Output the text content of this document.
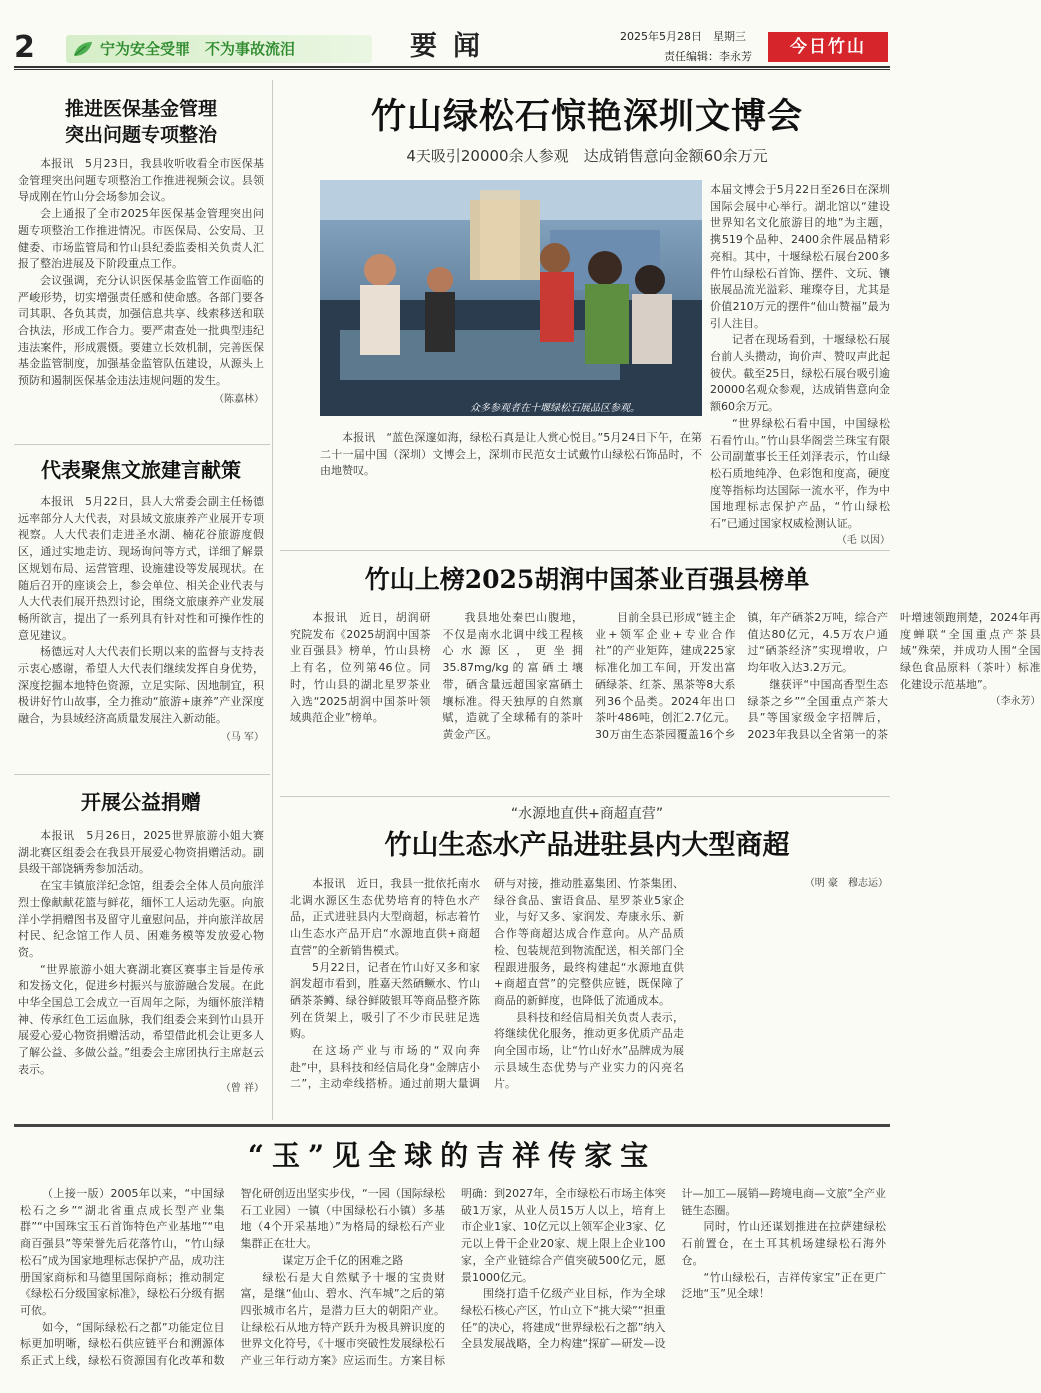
2	宁为安全受罪　不为事故流泪	要闻	2025年5月28日　星期三
责任编辑：李永芳	今日竹山
推进医保基金管理
突出问题专项整治

本报讯　5月23日，我县收听收看全市医保基金管理突出问题专项整治工作推进视频会议。县领导成刚在竹山分会场参加会议。

会上通报了全市2025年医保基金管理突出问题专项整治工作推进情况。市医保局、公安局、卫健委、市场监管局和竹山县纪委监委相关负责人汇报了整治进展及下阶段重点工作。

会议强调，充分认识医保基金监管工作面临的严峻形势，切实增强责任感和使命感。各部门要各司其职、各负其责，加强信息共享、线索移送和联合执法，形成工作合力。要严肃查处一批典型违纪违法案件，形成震慑。要建立长效机制，完善医保基金监管制度，加强基金监管队伍建设，从源头上预防和遏制医保基金违法违规问题的发生。

（陈嘉林）
代表聚焦文旅建言献策

本报讯　5月22日，县人大常委会副主任杨德远率部分人大代表，对县域文旅康养产业展开专项视察。人大代表们走进圣水湖、楠花谷旅游度假区，通过实地走访、现场询问等方式，详细了解景区规划布局、运营管理、设施建设等发展现状。在随后召开的座谈会上，参会单位、相关企业代表与人大代表们展开热烈讨论，围绕文旅康养产业发展畅所欲言，提出了一系列具有针对性和可操作性的意见建议。

杨德远对人大代表们长期以来的监督与支持表示衷心感谢，希望人大代表们继续发挥自身优势，深度挖掘本地特色资源，立足实际、因地制宜，积极讲好竹山故事，全力推动“旅游+康养”产业深度融合，为县域经济高质量发展注入新动能。

（马 军）
开展公益捐赠

本报讯　5月26日，2025世界旅游小姐大赛湖北赛区组委会在我县开展爱心物资捐赠活动。副县级干部饶辆秀参加活动。

在宝丰镇旅洋纪念馆，组委会全体人员向旅洋烈士像献献花篮与鲜花，缅怀工人运动先驱。向旅洋小学捐赠图书及留守儿童慰问品，并向旅洋故居村民、纪念馆工作人员、困难务模等发放爱心物资。

“世界旅游小姐大赛湖北赛区赛事主旨是传承和发扬文化，促进乡村振兴与旅游融合发展。在此中华全国总工会成立一百周年之际，为缅怀旅洋精神、传承红色工运血脉，我们组委会来到竹山县开展爱心爱心物资捐赠活动，希望借此机会让更多人了解公益、多做公益。”组委会主席团执行主席赵云表示。

（曾 祥）
竹山绿松石惊艳深圳文博会
4天吸引20000余人参观　达成销售意向金额60余万元
众多参观者在十堰绿松石展品区参观。

本届文博会于5月22日至26日在深圳国际会展中心举行。湖北馆以“建设世界知名文化旅游目的地”为主题，携519个品种、2400余件展品精彩亮相。其中，十堰绿松石展台200多件竹山绿松石首饰、摆件、文玩、镶嵌展品流光溢彩、璀璨夺目，尤其是价值210万元的摆件“仙山赞福”最为引人注目。

记者在现场看到，十堰绿松石展台前人头攒动，询价声、赞叹声此起彼伏。截至25日，绿松石展台吸引逾20000名观众参观，达成销售意向金额60余万元。

“世界绿松石看中国，中国绿松石看竹山。”竹山县华阁尝兰珠宝有限公司副董事长王任刘泽表示，竹山绿松石质地纯净、色彩饱和度高，硬度度等指标均达国际一流水平，作为中国地理标志保护产品，“竹山绿松石”已通过国家权威检测认证。

（毛 以因）

本报讯　“蓝色深邃如海，绿松石真是让人赏心悦目。”5月24日下午，在第二十一届中国（深圳）文博会上，深圳市民范女士试戴竹山绿松石饰品时，不由地赞叹。

竹山上榜2025胡润中国茶业百强县榜单

本报讯　近日，胡润研究院发布《2025胡润中国茶业百强县》榜单，竹山县榜上有名，位列第46位。同时，竹山县的湖北星罗茶业入选“2025胡润中国茶叶领域典范企业”榜单。

我县地处秦巴山腹地，不仅是南水北调中线工程核心水源区，更坐拥35.87mg/kg的富硒土壤带，硒含量远超国家富硒土壤标准。得天独厚的自然禀赋，造就了全球稀有的茶叶黄金产区。

目前全县已形成“链主企业+领军企业+专业合作社”的产业矩阵，建成225家标准化加工车间，开发出富硒绿茶、红茶、黑茶等8大系列36个品类。2024年出口茶叶486吨，创汇2.7亿元。30万亩生态茶园覆盖16个乡镇，年产硒茶2万吨，综合产值达80亿元，4.5万农户通过“硒茶经济”实现增收，户均年收入达3.2万元。

继获评“中国高香型生态绿茶之乡”“全国重点产茶大县”等国家级金字招牌后，2023年我县以全省第一的茶叶增速领跑荆楚，2024年再度蝉联“全国重点产茶县域”殊荣，并成功人围“全国绿色食品原料（茶叶）标准化建设示范基地”。

（李永芳）
“水源地直供+商超直营”
竹山生态水产品进驻县内大型商超

本报讯　近日，我县一批依托南水北调水源区生态优势培育的特色水产品，正式进驻县内大型商超，标志着竹山生态水产品开启“水源地直供+商超直营”的全新销售模式。

5月22日，记者在竹山好又多和家润发超市看到，胜嘉天然硒鳜水、竹山硒茶茶鳟、绿谷鲜陂银耳等商品整齐陈列在货架上，吸引了不少市民驻足选购。

在这场产业与市场的“双向奔赴”中，县科技和经信局化身“金牌店小二”，主动牵线搭桥。通过前期大量调研与对接，推动胜嘉集团、竹茶集团、绿谷食品、蜜语食品、星罗茶业5家企业，与好又多、家润发、寿康永乐、新合作等商超达成合作意向。从产品质检、包装规范到物流配送，相关部门全程跟进服务，最终构建起“水源地直供+商超直营”的完整供应链，既保障了商品的新鲜度，也降低了流通成本。

县科技和经信局相关负责人表示，将继续优化服务，推动更多优质产品走向全国市场，让“竹山好水”品牌成为展示县域生态优势与产业实力的闪亮名片。

（明 豪　穆志运）
“玉”见全球的吉祥传家宝

（上接一版）2005年以来，“中国绿松石之乡”“湖北省重点成长型产业集群”“中国珠宝玉石首饰特色产业基地”“电商百强县”等荣誉先后花落竹山，“竹山绿松石”成为国家地理标志保护产品，成功注册国家商标和马德里国际商标；推动制定《绿松石分级国家标准》，绿松石分级有据可依。

如今，“国际绿松石之都”功能定位目标更加明晰，绿松石供应链平台和溯源体系正式上线，绿松石资源国有化改革和数智化研创迈出坚实步伐，“一园（国际绿松石工业园）一镇（中国绿松石小镇）多基地（4个开采基地）”为格局的绿松石产业集群正在壮大。

谋定万企千亿的困难之路

绿松石是大自然赋予十堰的宝贵财富，是继“仙山、碧水、汽车城”之后的第四张城市名片，是潜力巨大的朝阳产业。让绿松石从地方特产跃升为极具辨识度的世界文化符号，《十堰市突破性发展绿松石产业三年行动方案》应运而生。方案目标明确：到2027年，全市绿松石市场主体突破1万家，从业人员15万人以上，培育上市企业1家、10亿元以上领军企业3家、亿元以上骨干企业20家、规上限上企业100家，全产业链综合产值突破500亿元，愿景1000亿元。

围绕打造千亿级产业目标，作为全球绿松石核心产区，竹山立下“挑大梁”“担重任”的决心，将建成“世界绿松石之都”纳入全县发展战略，全力构建“探矿—研发—设计—加工—展销—跨境电商—文旅”全产业链生态圈。

同时，竹山还谋划推进在拉萨建绿松石前置仓，在土耳其机场建绿松石海外仓。

“竹山绿松石，吉祥传家宝”正在更广泛地“玉”见全球！
